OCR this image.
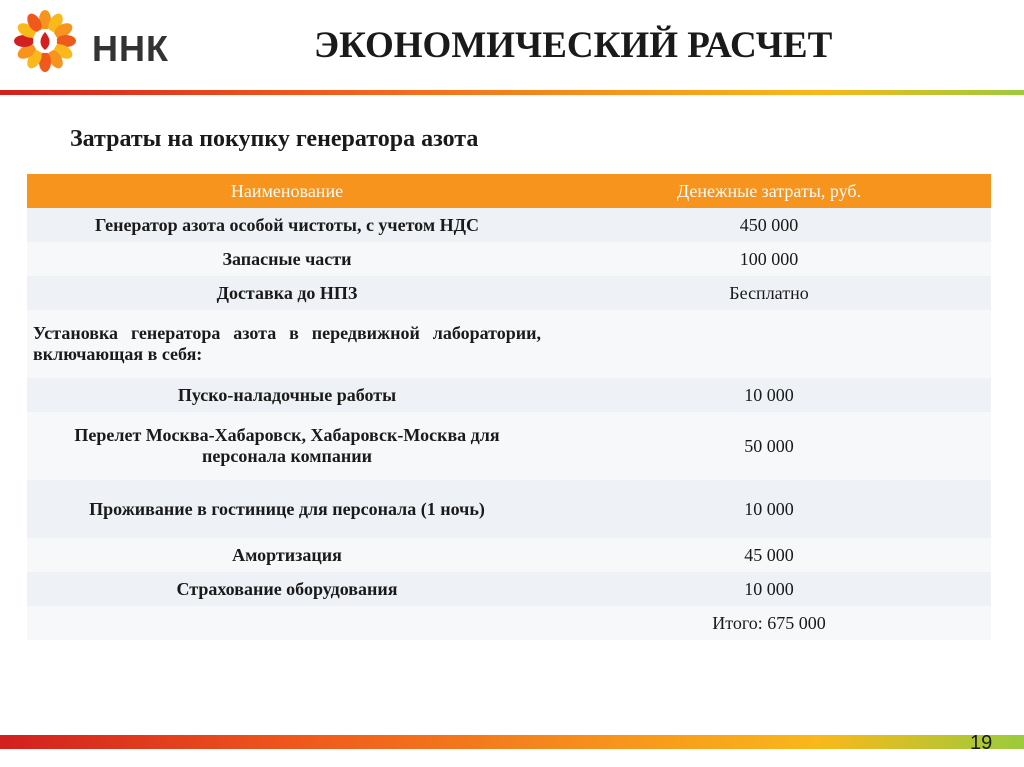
ННК	ЭКОНОМИЧЕСКИЙ РАСЧЕТ
Затраты на покупку генератора азота
Наименование	Денежные затраты, руб.
Генератор азота особой чистоты, с учетом НДС	450 000
Запасные части	100 000
Доставка до НПЗ	Бесплатно
Установка генератора азота в передвижной лаборатории, включающая в себя:	
Пуско-наладочные работы	10 000
Перелет Москва-Хабаровск, Хабаровск-Москва для персонала компании	50 000
Проживание в гостинице для персонала (1 ночь)	10 000
Амортизация	45 000
Страхование оборудования	10 000
	Итого: 675 000
19
